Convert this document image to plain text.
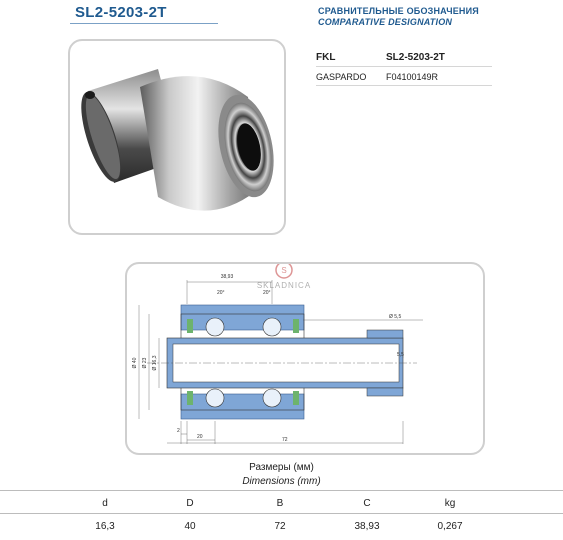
SL2-5203-2T	СРАВНИТЕЛЬНЫЕ ОБОЗНАЧЕНИЯ
COMPARATIVE DESIGNATION
FKL	SL2-5203-2T
GASPARDO	F04100149R
S
SKLADNICA
38,93
20°	20°
Ø 5,5
5,5
Ø 40 Ø 23 Ø 16,3
2
20	72
Размеры (мм)
Dimensions (mm)
d	D	B	C	kg
16,3	40	72	38,93	0,267
